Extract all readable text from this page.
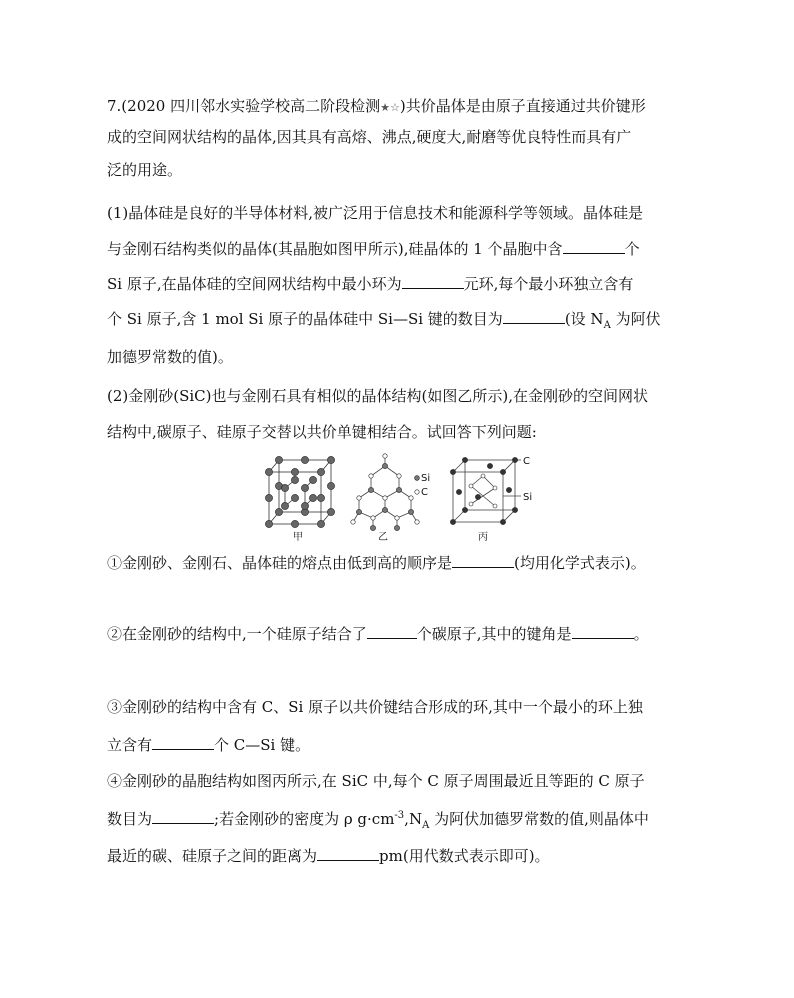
7.(2020 四川邻水实验学校高二阶段检测★☆)共价晶体是由原子直接通过共价键形
成的空间网状结构的晶体,因其具有高熔、沸点,硬度大,耐磨等优良特性而具有广
泛的用途。
(1)晶体硅是良好的半导体材料,被广泛用于信息技术和能源科学等领域。晶体硅是
与金刚石结构类似的晶体(其晶胞如图甲所示),硅晶体的 1 个晶胞中含	个
Si 原子,在晶体硅的空间网状结构中最小环为	元环,每个最小环独立含有
个 Si 原子,含 1 mol Si 原子的晶体硅中 Si—Si 键的数目为	(设 $N_A$ 为阿伏
加德罗常数的值)。
(2)金刚砂(SiC)也与金刚石具有相似的晶体结构(如图乙所示),在金刚砂的空间网状
结构中,碳原子、硅原子交替以共价单键相结合。试回答下列问题:
甲
Si
C
乙
C
Si
丙
①金刚砂、金刚石、晶体硅的熔点由低到高的顺序是	(均用化学式表示)。
②在金刚砂的结构中,一个硅原子结合了	个碳原子,其中的键角是	。
③金刚砂的结构中含有 C、Si 原子以共价键结合形成的环,其中一个最小的环上独
立含有	个 C—Si 键。
④金刚砂的晶胞结构如图丙所示,在 SiC 中,每个 C 原子周围最近且等距的 C 原子
数目为	;若金刚砂的密度为 ρ $g\cdot cm^{-3},N_A$ 为阿伏加德罗常数的值,则晶体中
最近的碳、硅原子之间的距离为	pm(用代数式表示即可)。
